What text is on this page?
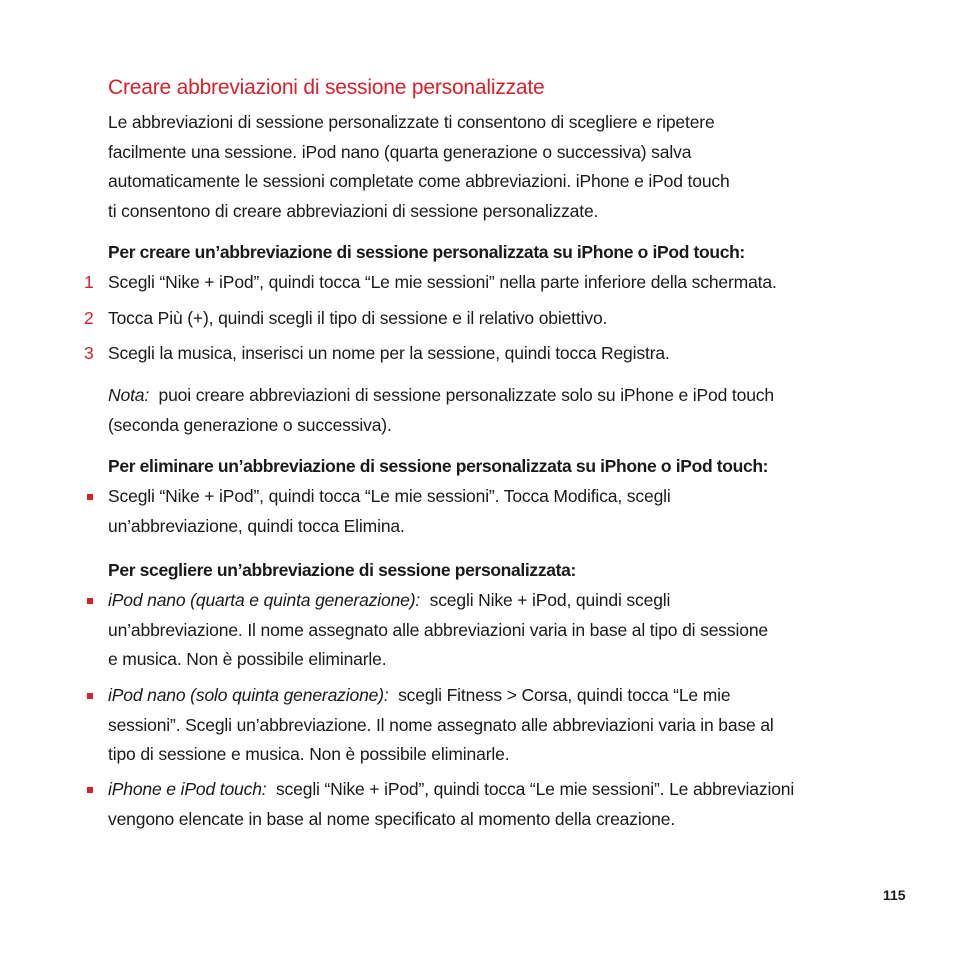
Creare abbreviazioni di sessione personalizzate

Le abbreviazioni di sessione personalizzate ti consentono di scegliere e ripetere
facilmente una sessione. iPod nano (quarta generazione o successiva) salva
automaticamente le sessioni completate come abbreviazioni. iPhone e iPod touch
ti consentono di creare abbreviazioni di sessione personalizzate.

Per creare un’abbreviazione di sessione personalizzata su iPhone o iPod touch:
1 Scegli “Nike + iPod”, quindi tocca “Le mie sessioni” nella parte inferiore della schermata.
2 Tocca Più (+), quindi scegli il tipo di sessione e il relativo obiettivo.
3 Scegli la musica, inserisci un nome per la sessione, quindi tocca Registra.

Nota: puoi creare abbreviazioni di sessione personalizzate solo su iPhone e iPod touch
(seconda generazione o successiva).

Per eliminare un’abbreviazione di sessione personalizzata su iPhone o iPod touch:
Scegli “Nike + iPod”, quindi tocca “Le mie sessioni”. Tocca Modifica, scegli
un’abbreviazione, quindi tocca Elimina.
Per scegliere un’abbreviazione di sessione personalizzata:
iPod nano (quarta e quinta generazione): scegli Nike + iPod, quindi scegli
un’abbreviazione. Il nome assegnato alle abbreviazioni varia in base al tipo di sessione
e musica. Non è possibile eliminarle.
iPod nano (solo quinta generazione): scegli Fitness > Corsa, quindi tocca “Le mie
sessioni”. Scegli un’abbreviazione. Il nome assegnato alle abbreviazioni varia in base al
tipo di sessione e musica. Non è possibile eliminarle.
iPhone e iPod touch: scegli “Nike + iPod”, quindi tocca “Le mie sessioni”. Le abbreviazioni
vengono elencate in base al nome specificato al momento della creazione.
115
